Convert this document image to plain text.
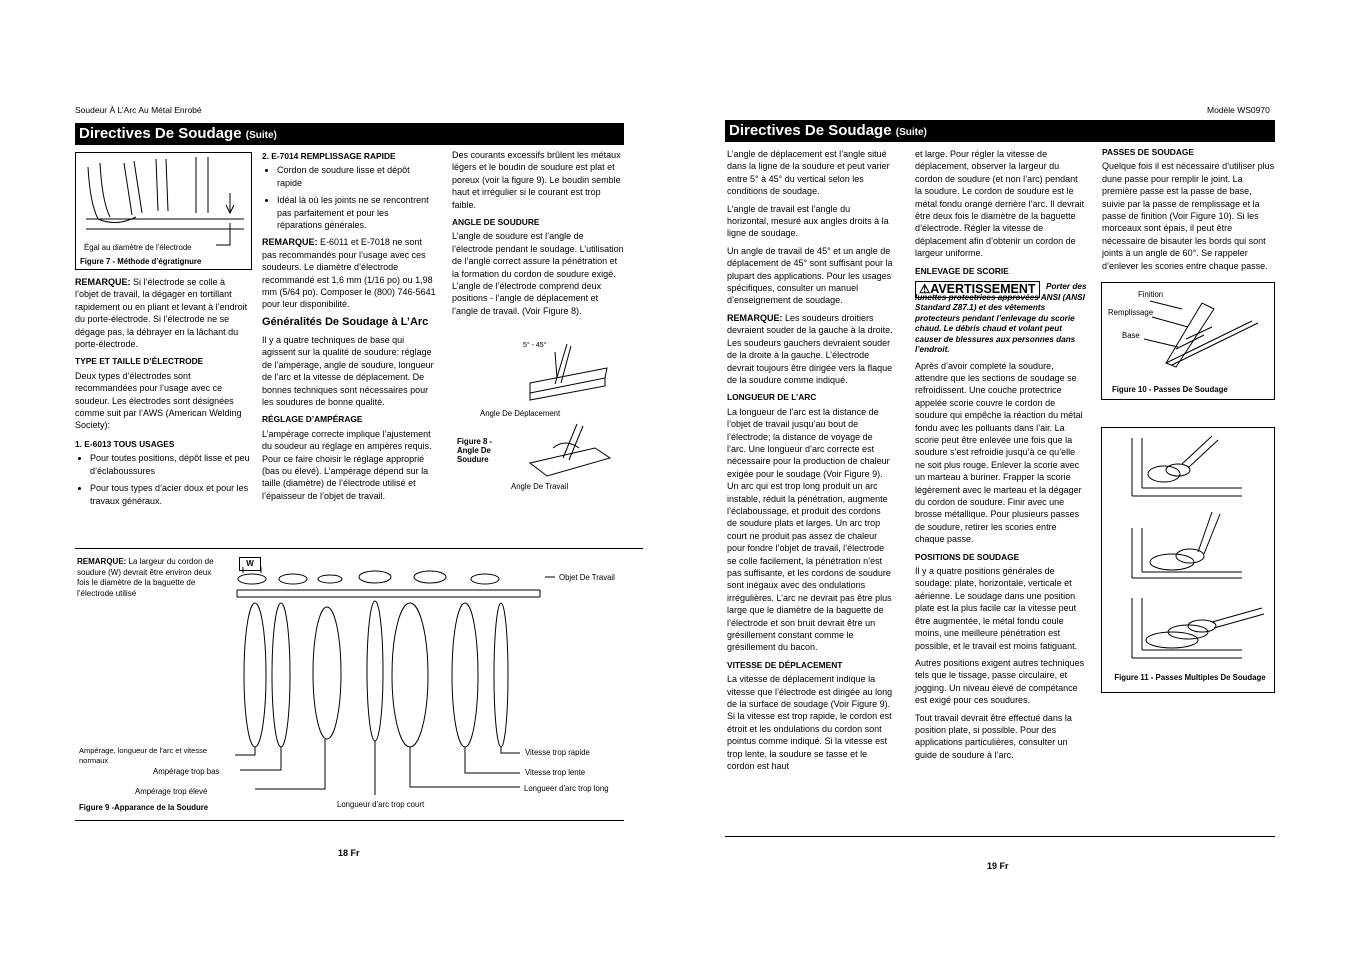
Soudeur À L’Arc Au Métal Enrobé
Directives De Soudage (Suite)
Égal au diamètre de l’électrode
Figure 7 - Méthode d’égratignure

REMARQUE: Si l’électrode se colle à l’objet de travail, la dégager en tortillant rapidement ou en pliant et levant à l’endroit du porte-électrode. Si l’électrode ne se dégage pas, la débrayer en la lâchant du porte-électrode.

TYPE ET TAILLE D’ÉLECTRODE

Deux types d’électrodes sont recommandées pour l’usage avec ce soudeur. Les électrodes sont désignées comme suit par l’AWS (American Welding Society):

1. E-6013 TOUS USAGES
• Pour toutes positions, dépôt lisse et peu d’éclaboussures
• Pour tous types d’acier doux et pour les travaux généraux.
2. E-7014 REMPLISSAGE RAPIDE
• Cordon de soudure lisse et dépôt rapide
• Idéal là où les joints ne se rencontrent pas parfaitement et pour les réparations générales.

REMARQUE: E-6011 et E-7018 ne sont pas recommandés pour l’usage avec ces soudeurs. Le diamètre d’électrode recommandé est 1,6 mm (1/16 po) ou 1,98 mm (5/64 po). Composer le (800) 746-5641 pour leur disponibilité.

Généralités De Soudage à L’Arc

Il y a quatre techniques de base qui agissent sur la qualité de soudure: réglage de l’ampérage, angle de soudure, longueur de l’arc et la vitesse de déplacement. De bonnes techniques sont nécessaires pour les soudures de bonne qualité.

RÉGLAGE D’AMPÉRAGE

L’ampérage correcte implique l’ajustement du soudeur au réglage en ampères requis. Pour ce faire choisir le réglage approprié (bas ou élevé). L’ampérage dépend sur la taille (diamètre) de l’électrode utilisé et l’épaisseur de l’objet de travail.

Des courants excessifs brûlent les métaux légers et le boudin de soudure est plat et poreux (voir la figure 9). Le boudin semble haut et irrégulier si le courant est trop faible.

ANGLE DE SOUDURE

L’angle de soudure est l’angle de l’électrode pendant le soudage. L’utilisation de l’angle correct assure la pénétration et la formation du cordon de soudure exigé. L’angle de l’électrode comprend deux positions - l’angle de déplacement et l’angle de travail. (Voir Figure 8).

5° - 45°
Angle De Déplacement
Figure 8 - Angle De Soudure
Angle De Travail
REMARQUE: La largeur du cordon de soudure (W) devrait être environ deux fois le diamètre de la baguette de l’électrode utilisé
W
Objet De Travail
Ampérage, longueur de l’arc et vitesse normaux
Ampérage trop bas
Ampérage trop élevé
Longueur d’arc trop court
Vitesse trop rapide
Vitesse trop lente
Longueer d’arc trop long
Figure 9 -Apparance de la Soudure
18 Fr
Modèle WS0970
Directives De Soudage (Suite)

L’angle de déplacement est l’angle situé dans la ligne de la soudure et peut varier entre 5° à 45° du vertical selon les conditions de soudage.

L’angle de travail est l’angle du horizontal, mesuré aux angles droits à la ligne de soudage.

Un angle de travail de 45° et un angle de déplacement de 45° sont suffisant pour la plupart des applications. Pour les usages spécifiques, consulter un manuel d’enseignement de soudage.

REMARQUE: Les soudeurs droitiers devraient souder de la gauche à la droite. Les soudeurs gauchers devraient souder de la droite à la gauche. L’électrode devrait toujours être dirigée vers la flaque de la soudure comme indiqué.

LONGUEUR DE L’ARC

La longueur de l’arc est la distance de l’objet de travail jusqu’au bout de l’électrode; la distance de voyage de l’arc. Une longueur d’arc correcte est nécessaire pour la production de chaleur exigée pour le soudage (Voir Figure 9). Un arc qui est trop long produit un arc instable, réduit la pénétration, augmente l’éclaboussage, et produit des cordons de soudure plats et larges. Un arc trop court ne produit pas assez de chaleur pour fondre l’objet de travail, l’électrode se colle facilement, la pénétration n’est pas suffisante, et les cordons de soudure sont inégaux avec des ondulations irrégulières. L’arc ne devrait pas être plus large que le diamètre de la baguette de l’électrode et son bruit devrait être un grésillement constant comme le grésillement du bacon.

VITESSE DE DÉPLACEMENT

La vitesse de déplacement indique la vitesse que l’électrode est dirigée au long de la surface de soudage (Voir Figure 9). Si la vitesse est trop rapide, le cordon est étroit et les ondulations du cordon sont pointus comme indiqué. Si la vitesse est trop lente, la soudure se tasse et le cordon est haut

et large. Pour régler la vitesse de déplacement, observer la largeur du cordon de soudure (et non l’arc) pendant la soudure. Le cordon de soudure est le métal fondu orange derrière l’arc. Il devrait être deux fois le diamètre de la baguette d’électrode. Régler la vitesse de déplacement afin d’obtenir un cordon de largeur uniforme.

ENLEVAGE DE SCORIE
⚠AVERTISSEMENT	Porter des lunettes protectrices approvées ANSI (ANSI Standard Z87.1) et des vêtements protecteurs pendant l’enlevage du scorie chaud. Le débris chaud et volant peut causer de blessures aux personnes dans l’endroit.

Après d’avoir completé la soudure, attendre que les sections de soudage se refroidissent. Une couche protectrice appelée scorie couvre le cordon de soudure qui empêche la réaction du métal fondu avec les polluants dans l’air. La scorie peut être enlevée une fois que la soudure s’est refroidie jusqu’à ce qu’elle ne soit plus rouge. Enlever la scorie avec un marteau à buriner. Frapper la scorie légèrement avec le marteau et la dégager du cordon de soudure. Finir avec une brosse métallique. Pour plusieurs passes de soudure, retirer les scories entre chaque passe.

POSITIONS DE SOUDAGE

Il y a quatre positions générales de soudage: plate, horizontale, verticale et aérienne. Le soudage dans une position plate est la plus facile car la vitesse peut être augmentée, le métal fondu coule moins, une meilleure pénétration est possible, et le travail est moins fatiguant.

Autres positions exigent autres techniques tels que le tissage, passe circulaire, et jogging. Un niveau élevé de compétance est exigé pour ces soudures.

Tout travail devrait être effectué dans la position plate, si possible. Pour des applications particulières, consulter un guide de soudure à l’arc.

PASSES DE SOUDAGE

Quelque fois il est nécessaire d’utiliser plus dune passe pour remplir le joint. La première passe est la passe de base, suivie par la passe de remplissage et la passe de finition (Voir Figure 10). Si les morceaux sont épais, il peut être nécessaire de bisauter les bords qui sont joints à un angle de 60°. Se rappeler d’enlever les scories entre chaque passe.

Finition
Remplissage
Base
Figure 10 - Passes De Soudage
Figure 11 - Passes Multiples De Soudage
19 Fr
